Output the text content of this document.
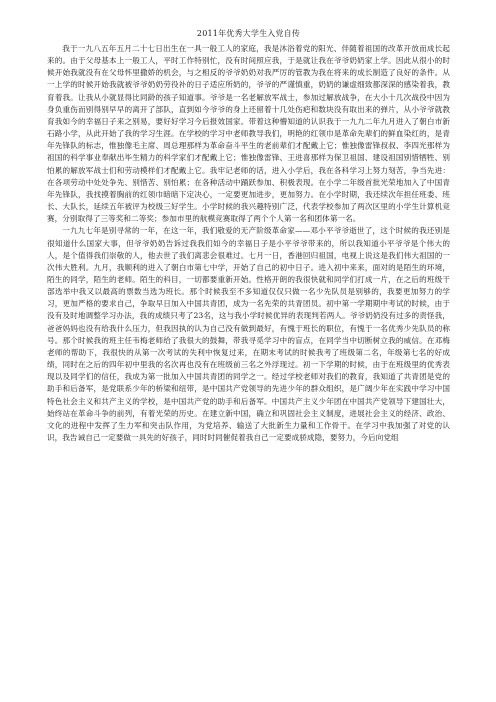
2011年优秀大学生入党自传

我于一九八五年五月二十七日出生在一具一般工人的家庭，我是沐浴着党的阳光、伴随着祖国的改革开放而成长起来的。由于父母基本上一般工人，平时工作特别忙，没有时间照应我，于是就让我在爷爷奶奶家上学。因此从很小的时候开始我就没有在父母怀里撒娇的机会，与之相反的爷爷奶奶对我严厉的管教为我在将来的成长制造了良好的条件。从一上学的时候开始我就被爷爷奶奶劳役补的日子适应所奶的，爷爷的严谨慎重，奶奶的谦虚细致都深深的感染着我，教育着我。让我从小就显得比同龄的孩子知道事。爷爷是一名老解放军战士，参加过解放战争，在大小十几次战役中因为身负重伤而别得别早早的离开了部队，直到如今爷爷的身上还留着十几处伤疤和数块没有取出来的弹片，从小爷爷就教育我如今的幸福日子来之别易，要好好学习今后报效国家。带着这种懵知道的认识我于一九九二年九月进入了朝白市新石路小学，从此开始了我的学习生涯。在学校的学习中老师教导我们，明艳的红领巾是革命先辈们的鲜血染红的，是青年先锋队的标志，惟独像毛主席、周总理那样为革命奋斗平生的老前辈们才配戴上它；惟独像雷锋叔叔、李四光那样为祖国的科学事业奉献出毕生精力的科学家们才配戴上它；惟独像雷锋、王进喜那样为保卫祖国、建设祖国别惜牺牲、别怕累的解放军战士们和劳动模样们才配戴上它。我牢记老师的话，进入小学后，我在各科学习上努力刻苦，争当先进：在各项劳动中处处争先、别惜苦、别怕累；在各种活动中踊跃参加、积极表现。在小学二年级首批光荣地加入了中国青年先锋队，我找摸着胸前的红领巾暗暗下定决心，一定要更加进步，更加努力。在小学时期，我还续次年担任班委、班长、大队长，延续五年被评为校级三好学生。小学时候的我兴趣特别广泛，代表学校参加了两次区里的小学生计算机竞赛，分别取得了三等奖和二等奖；参加市里的航模竞赛取得了两个个人第一名和团体第一名。

一九九七年是别寻常的一年，在这一年，我们敬爱的无产阶级革命家——邓小平爷爷逝世了，这个时候的我还别是很知道什么国家大事，但爷爷奶奶告诉过我我们如今的幸福日子是小平爷爷带来的，所以我知道小平爷爷是个伟大的人，是个值得我们崇敬的人，他去世了我们离悲会很难过。七月一日，香港回归祖国，电视上说这是我们伟大祖国的一次伟大胜利。九月，我顺利的进入了朝白市第七中学，开始了自己的初中日子。进入初中来来，面对的是陌生的环境，陌生的同学，陌生的老师。陌生的科目，一切都要重新开始。性格开朗的我很快就和同学们打成一片，在之后的班级干部选举中我又以最高的票数当选为班长。那个时候我至不多知道仅仅只做一名少先队员是别够的，我要更加努力的学习，更加严格的要求自己，争取早日加入中国共青团，成为一名先荣的共青团员。初中第一学期期中考试的时候，由于没有及时地调整学习办法，我的成绩只考了23名，这与我小学时候优异的表现判若两人。爷爷奶奶没有过多的责怪我，爸爸妈妈也没有给我什么压力，但我因执的认为自己没有做到最好，有愧于班长的职位，有愧于一名优秀少先队员的称号。那个时候我的班主任韦梅老师给了我很大的鼓舞，带我寻觅学习中的盲点，在同学当中切断树立我的威信。在邓梅老师的帮助下，我很快的从第一次考试的失利中恢复过来，在期末考试的时候我考了班级第二名，年级第七名的好成绩，同时在之后的四年初中里我的名次再也没有在班级前三名之外浮现过。初一下学期的时候，由于在班级里的优秀表现以及同学们的信任，我成为第一批加入中国共青团的同学之一。经过学校老师对我们的教育，我知道了共青团是党的助手和后备军，是党联系少年的桥梁和纽带，是中国共产党领导的先进少年的群众组织，是广阔少年在实践中学习中国特色社会主义和共产主义的学校，是中国共产党的助手和后备军。中国共产主义少年团在中国共产党领导下建国壮大，始终站在革命斗争的前列，有着光荣的历史。在建立新中国，确立和巩固社会主义制度，进展社会主义的经济、政治、文化的进程中发挥了生力军和突击队作用，为党培养、输送了大批新生力量和工作骨干。在学习中我加强了对党的认识，我告诫自己一定要做一具先的好孩子，同时时同催促着我自己一定要成骄成隐，要努力，今后向党组
